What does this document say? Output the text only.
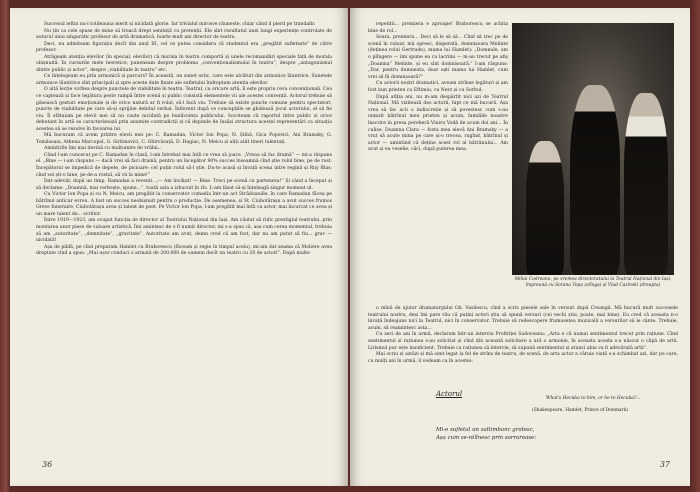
Succesul ieftin nu-l totdeauna merit și nicidată glorie. Iar trivialul mirosve răuneste, chiar când il pierd pe trandafir.

Nu țin ca cele spuse de mine să treacă drept sentință cu pretenții. Ele sînt rezultatul unei lungi experiențe controlate de autorul unui singurătic profesor de artă dramatică, foarte mult ani director de teatru.

Deci, nu admiteam figurația decît din anul III, cel ce putea considera că studentul era „pregătit sufletește” de către profesor.

Atrăgeam atenția elevilor (în special, elevilor) că morala în teatru comportă și unele recomandări speciale față de morala obișnuită. În cursurile mele teoretice, puneneam despre problema „convenționalismului în teatru”, despre „antagonismul dintre public și actor”, despre „viabilitate în teatru” etc.

Ce înțelegeam eu prin armonică și parcurs? În această, un sunet ostic, care este alcătuit din armonice lăuntrice. Sunetele armonice lăuntrice sînt principali și spre aceste date fixate ale sufletului îndreptam atenția elevilor.

O altă lecție vorbea despre punctele de viabilitate în teatru. Teatrul, ca oricare artă, îl este propriu reva convenționali. Cea ce captează și face legătura peste rampă între scenă și public consistă elementele vii ale acestei convenții. Actorul trebuie să găsească gesturi emoționale și de orice natură ar fi rolul, să-l facă viu. Trebuie să existe puncte comune pentru spectatori, puncte de viabilitate pe care să-și sprijine debitul verbal. Înflorent după ce concepțiile se ghidează jocul actorului, el să fie viu. Îl sfătuiam pe elevii mei să nu caute nicidată pe bunăvoința publicului. Socoteam că raportul intre public și orice debutant în artă se caracterizează prin anumite contradicții și că depinde de însăși structura acestei reprezentări ca situația acestea să se rezolve în favoarea lui.

Mă bucuram că avem printre elevii mei pe: C. Ramadan, Victor Ion Popa, N. Știbă, Gica Popovici, Ani Bramsky, G. Tomăsoaia, Athena Marcopol, G. Siritinovici, C. Ghirvăsuță, D. Hagiac, N. Meicu și alții atât tineri talentați.

Amintirile îmi mai devină cu mulțumire de vrăbii...

Când l-am cunoscut pe C. Ramadan în clasă, l-am întrebat mai întîi ce vrea să joace. „Vreau să fac dramă” — mi-a răspuns el. „Bine — i-am răspuns — dacă vrei să faci dramă, pentru un începător 90% succes înseamnă cînd știe rolul bine, pe de rost. Începătorul se impedică de depete, de picioare: cel puțin rolul să-l știe. Du-te acasă și învață scena intre regină și Ruy Blas; cînd vei ști-o bine, pe de-a rostul, să vii la mine!”

Într-adevăr, după un timp, Ramadan a revenit. „— Am învățat! — Bine. Treci pe scenă cu partenera!” Și când a început și să declame: „Doamnă, mai verbește, spune...”, toată sala a izbucnit în rîs. L-am lăsat să-și înțeleagă singur moment ul.

Cu Victor Ion Popa și cu N. Meicu, am pregătit la conservator comedia într-un act Strădoaniile, în care Ramadan făcea pe bătrînul anticar evreu. A fost un succes neobișnuit pentru o producție. De asemenea, și St. Ciubotărașu a avut succes frumos Greve funeraire, Ciubotărașu avea și talent de poet. Pe Victor Ion Popa, l-am pregătit mai întîi ca actor, mai încurcat ce avea și un mare talent de... scriitor.

Între 1919—1923, am ocupat funcția de director al Teatrului Național din Iași. Am căutat să ridic prestigiul teatrului, prin montarea unor piese de valoare artistică. Îmi amintesc de o fi numit director, mi s-a spus că, așa cum cerea momentul, trebuia să am „autoritate”, „demnitate”, „gravitate”. Autoritate am avut, demn cred că am fost, dar nu am putut să fiu... grav — nicidată!

Așa de pildă, pe cînd preparam Hamlet cu Braborescu (făceam și regie în timpul acela), mi-am dat seama că Molière avea dreptate cînd a spus: „Mai ușor conduci o armată de 200.000 de oameni decît un teatru cu 20 de actori”. După multe

36

repetiții... premiera e aproape! Braborescu se achita bine de rol...

Seara, premiera... Deci să le să să... Cînd să trec pe de scenă în culoar, mă opresc, disperată, domnișoara Melinte (deținea rolul Gertrude), mama lui Hamlet): „Domnule, am o plîngere — imi spune ea cu lacrimi — m-au trecut pe afiș „Doamna” Melinte, și eu sînt domnișoară.” I-am răspuns: „Dar, pentru dumneata, doar ești mama lui Hamlet, cum vrei să fii domnișoară?”

Cu actorii noștri dramatici, aveam strînse legături și am fost bun prieten cu Eftimiu, cu Nerz și cu Sorbul.

După atîția ani, nu m-am despărțit nici azi de Teatrul Național. Mă vizitează des actorii, fapt ce mă bucură. Așa vrea să fac acii o indiscreție și să povestesc cum s-au unmzit bătrînul meu prieten și acum, familiile noastre înscrire in presa pereheră Viniru Vodă de acum doi ani... În culise, Doamna Clara — fosta mea elevă Ani Bramsky — a vrut să acute mina pe care și-o trecea, rugînd, bătrînul și actor — amintind că deține acest rol al bătrânului... Am avut și eu veselie, căci, după puterea mea,

Mihai Codreanu, pe vremea directoratului la Teatrul Național din Iași, împreună cu Sorana Topa (stînga) și Vlad Cazinski (dreapta)

o mînă de ajutor dramaturgului Gh. Vasilescu, cînd a scris piesele sale în versuri după Creangă. Mă bucură mult succesele teatrului nostru, deși îmi pare rău că puțini actori știu să spună versuri (cei vechi știu, poate, mai bine). Eu cred că aceasta n-o învață îndeajuns nici la Teatrul, nici în conservator. Trebuie să redescopere frumusețea muzicală a versurilor să le cânte. Trebuie, acum, să reamintesc asta...

Cu zeci de ani în urmă, declaram într-un interviu Profiriței Sadoveanu: „Arta e că numai sentimentul trecut prin rațiune. Cînd sentimentul și rațiunea s-au solicitat și cînd din această solicitare a ură o armonie, în aceasta acesta s-a născut o clipă de artă. Lirismul pur este insuficient. Trebuie ca rațiunea să intervie, să supună sentimentul și atunci abia va fi adevărată artă”.

Mai scriu și astăzi și mă simt legat la fel de strîns de teatru, de scenă, de arta actor a căruia viață s-a schimbat azi, dar pe care, cu mulți ani în urmă, il vedeam ca în acestei:

Actorul
What's Hecuba to him, or he to Hecuba?...
(Shakespeare, Hamlet, Prince of Denmark)
Mi-e sufletul un saltimbanc grotesc,
Așa cum se-ntîlnesc prin sorraroase:
37
